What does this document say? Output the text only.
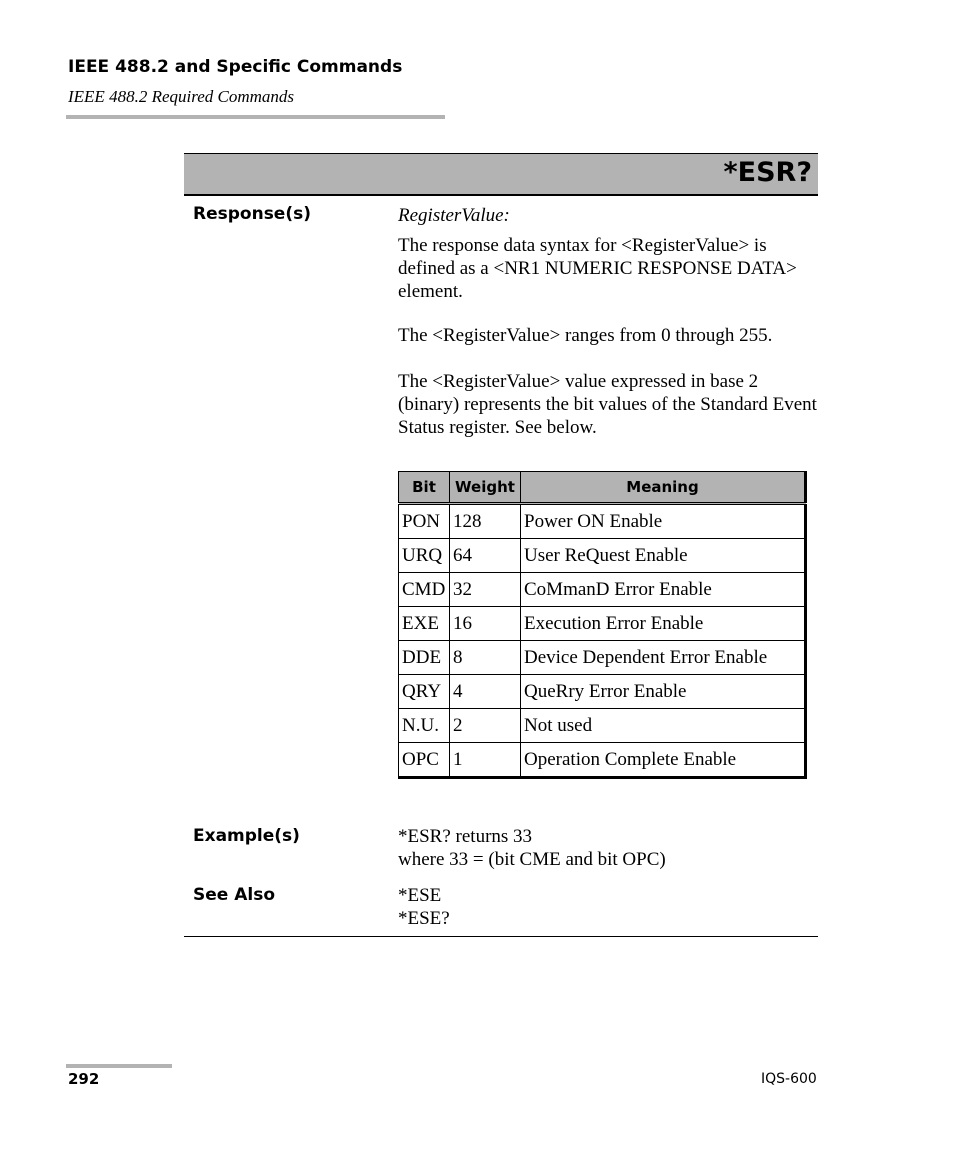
IEEE 488.2 and Specific Commands
IEEE 488.2 Required Commands
*ESR?
Response(s)	RegisterValue:
The response data syntax for <RegisterValue> is defined as a <NR1 NUMERIC RESPONSE DATA> element.
The <RegisterValue> ranges from 0 through 255.
The <RegisterValue> value expressed in base 2 (binary) represents the bit values of the Standard Event Status register. See below.
Bit	Weight	Meaning
PON	128	Power ON Enable
URQ	64	User ReQuest Enable
CMD	32	CoMmanD Error Enable
EXE	16	Execution Error Enable
DDE	8	Device Dependent Error Enable
QRY	4	QueRry Error Enable
N.U.	2	Not used
OPC	1	Operation Complete Enable
Example(s)	*ESR? returns 33
where 33 = (bit CME and bit OPC)
See Also	*ESE
*ESE?
292	IQS-600
